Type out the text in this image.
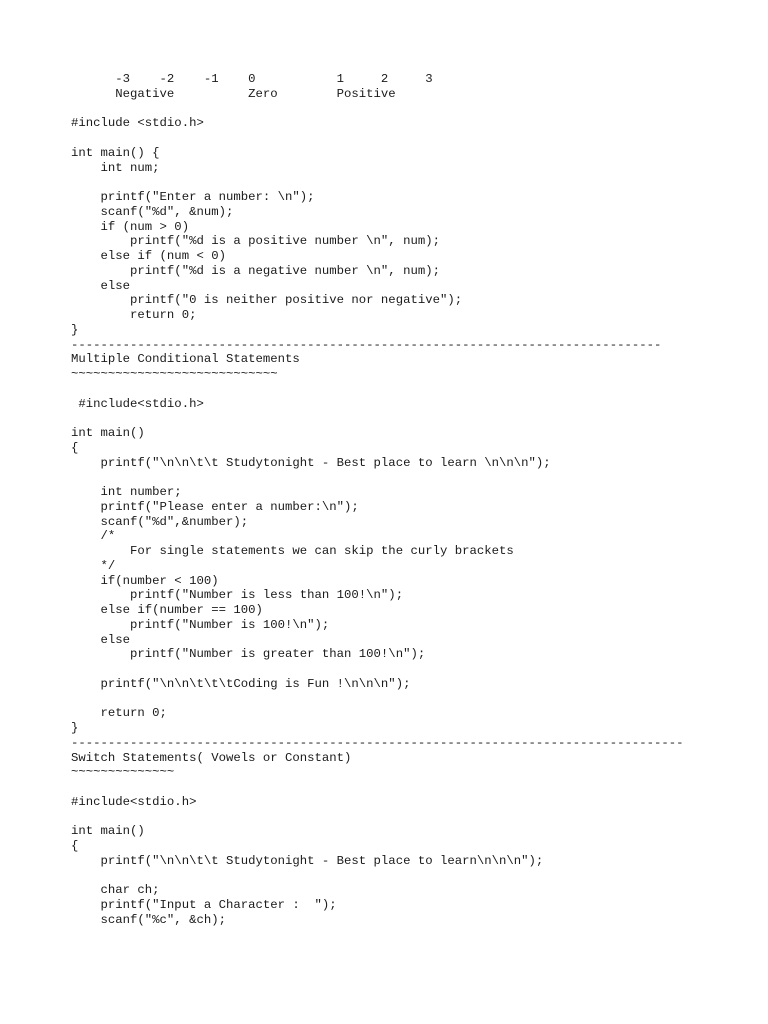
-3    -2    -1    0           1     2     3
Negative          Zero        Positive
#include <stdio.h>
int main() {
int num;
printf("Enter a number: \n");
scanf("%d", &num);
if (num > 0)
printf("%d is a positive number \n", num);
else if (num < 0)
printf("%d is a negative number \n", num);
else
printf("0 is neither positive nor negative");
return 0;
}
--------------------------------------------------------------------------------
Multiple Conditional Statements
~~~~~~~~~~~~~~~~~~~~~~~~~~~~
#include<stdio.h>
int main()
{
printf("\n\n\t\t Studytonight - Best place to learn \n\n\n");
int number;
printf("Please enter a number:\n");
scanf("%d",&number);
/*
For single statements we can skip the curly brackets
*/
if(number < 100)
printf("Number is less than 100!\n");
else if(number == 100)
printf("Number is 100!\n");
else
printf("Number is greater than 100!\n");
printf("\n\n\t\t\tCoding is Fun !\n\n\n");
return 0;
}
-----------------------------------------------------------------------------------
Switch Statements( Vowels or Constant)
~~~~~~~~~~~~~~
#include<stdio.h>
int main()
{
printf("\n\n\t\t Studytonight - Best place to learn\n\n\n");
char ch;
printf("Input a Character :  ");
scanf("%c", &ch);
